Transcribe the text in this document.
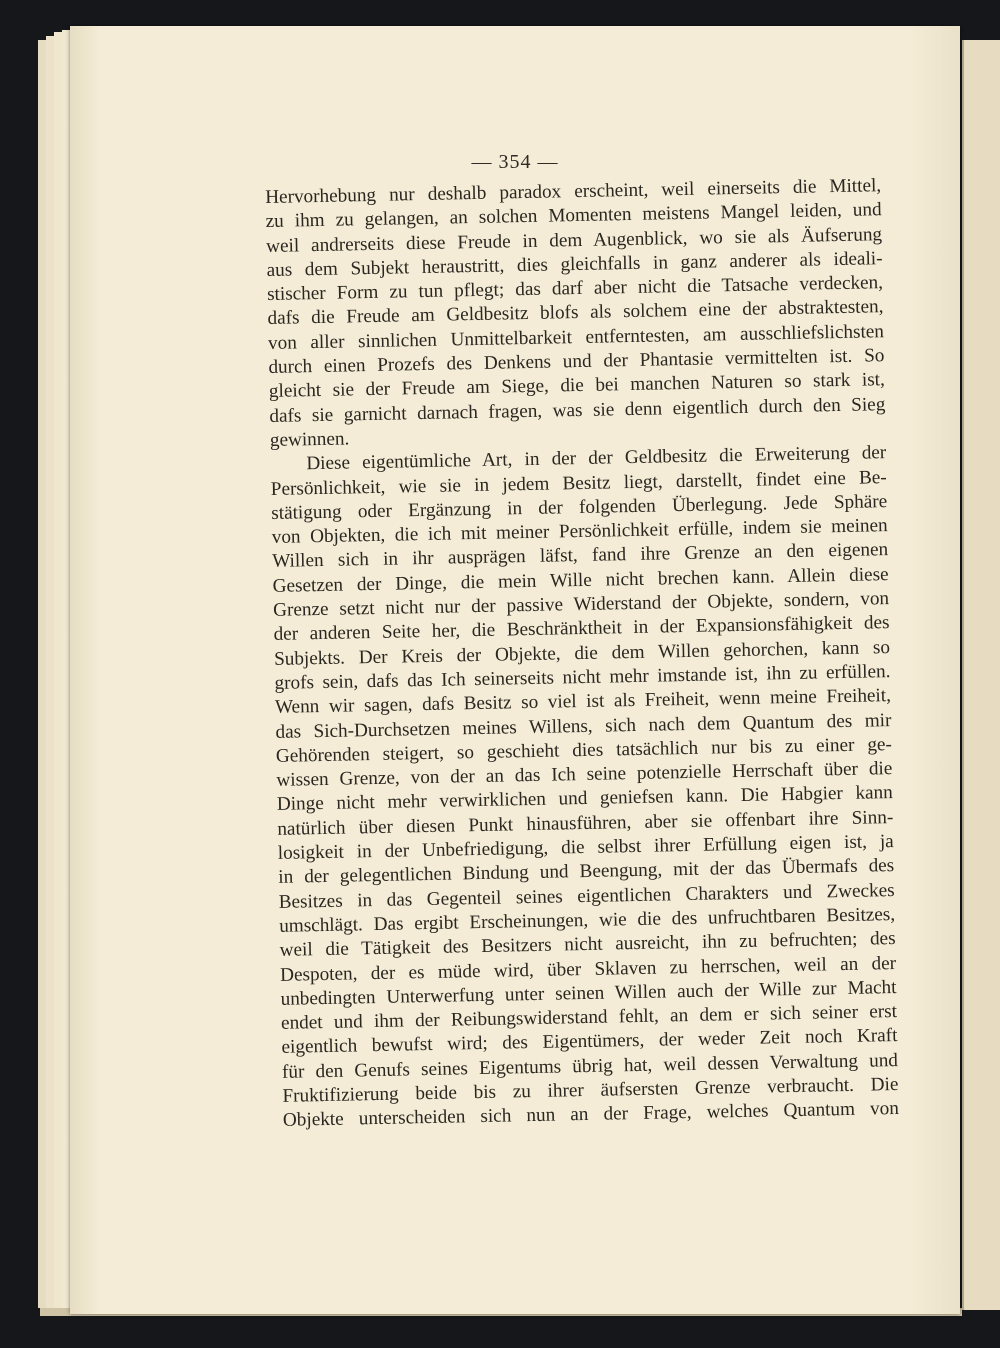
— 354 —
Hervorhebung nur deshalb paradox erscheint, weil einerseits die Mittel,
zu ihm zu gelangen, an solchen Momenten meistens Mangel leiden, und
weil andrerseits diese Freude in dem Augenblick, wo sie als Äufserung
aus dem Subjekt heraustritt, dies gleichfalls in ganz anderer als ideali-
stischer Form zu tun pflegt; das darf aber nicht die Tatsache verdecken,
dafs die Freude am Geldbesitz blofs als solchem eine der abstraktesten,
von aller sinnlichen Unmittelbarkeit entferntesten, am ausschliefslichsten
durch einen Prozefs des Denkens und der Phantasie vermittelten ist. So
gleicht sie der Freude am Siege, die bei manchen Naturen so stark ist,
dafs sie garnicht darnach fragen, was sie denn eigentlich durch den Sieg
gewinnen.
Diese eigentümliche Art, in der der Geldbesitz die Erweiterung der
Persönlichkeit, wie sie in jedem Besitz liegt, darstellt, findet eine Be-
stätigung oder Ergänzung in der folgenden Überlegung. Jede Sphäre
von Objekten, die ich mit meiner Persönlichkeit erfülle, indem sie meinen
Willen sich in ihr ausprägen läfst, fand ihre Grenze an den eigenen
Gesetzen der Dinge, die mein Wille nicht brechen kann. Allein diese
Grenze setzt nicht nur der passive Widerstand der Objekte, sondern, von
der anderen Seite her, die Beschränktheit in der Expansionsfähigkeit des
Subjekts. Der Kreis der Objekte, die dem Willen gehorchen, kann so
grofs sein, dafs das Ich seinerseits nicht mehr imstande ist, ihn zu erfüllen.
Wenn wir sagen, dafs Besitz so viel ist als Freiheit, wenn meine Freiheit,
das Sich-Durchsetzen meines Willens, sich nach dem Quantum des mir
Gehörenden steigert, so geschieht dies tatsächlich nur bis zu einer ge-
wissen Grenze, von der an das Ich seine potenzielle Herrschaft über die
Dinge nicht mehr verwirklichen und geniefsen kann. Die Habgier kann
natürlich über diesen Punkt hinausführen, aber sie offenbart ihre Sinn-
losigkeit in der Unbefriedigung, die selbst ihrer Erfüllung eigen ist, ja
in der gelegentlichen Bindung und Beengung, mit der das Übermafs des
Besitzes in das Gegenteil seines eigentlichen Charakters und Zweckes
umschlägt. Das ergibt Erscheinungen, wie die des unfruchtbaren Besitzes,
weil die Tätigkeit des Besitzers nicht ausreicht, ihn zu befruchten; des
Despoten, der es müde wird, über Sklaven zu herrschen, weil an der
unbedingten Unterwerfung unter seinen Willen auch der Wille zur Macht
endet und ihm der Reibungswiderstand fehlt, an dem er sich seiner erst
eigentlich bewufst wird; des Eigentümers, der weder Zeit noch Kraft
für den Genufs seines Eigentums übrig hat, weil dessen Verwaltung und
Fruktifizierung beide bis zu ihrer äufsersten Grenze verbraucht. Die
Objekte unterscheiden sich nun an der Frage, welches Quantum von
